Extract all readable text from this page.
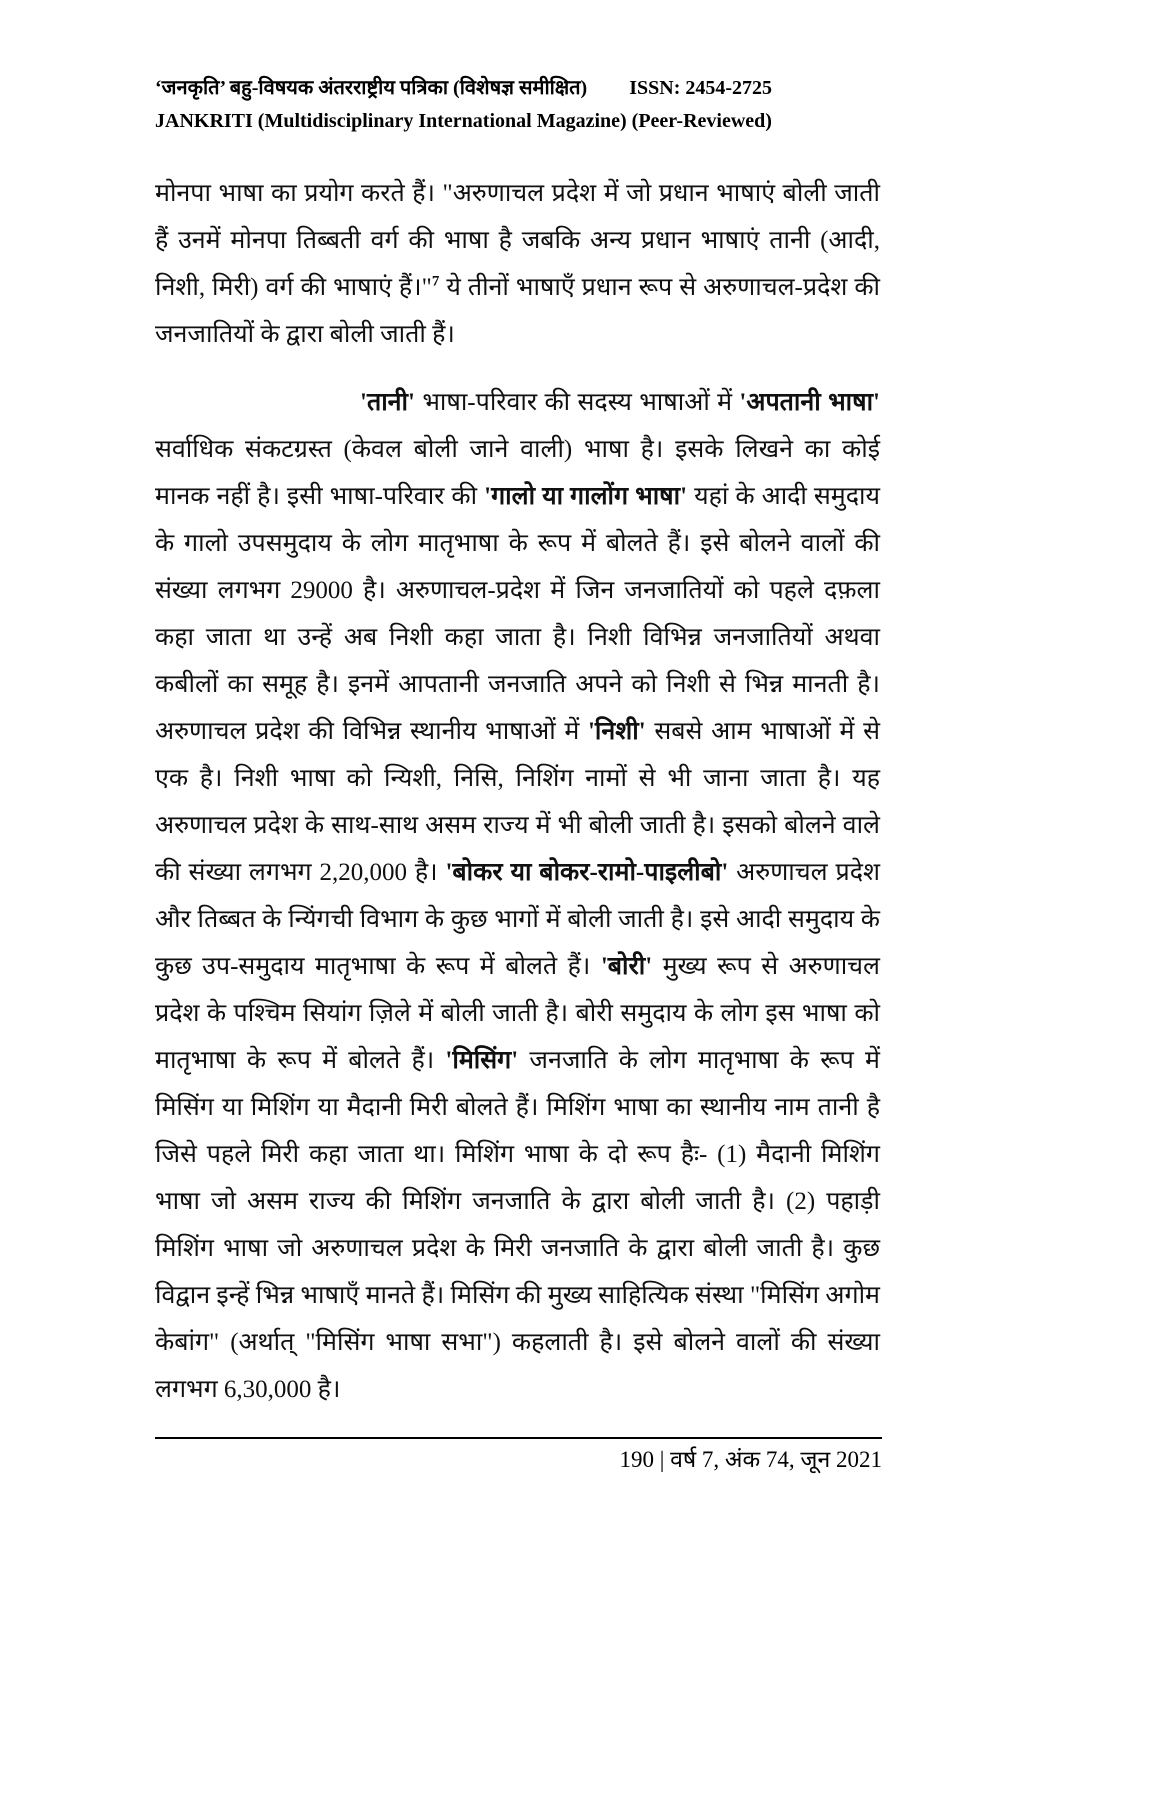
‘जनकृति’ बहु-विषयक अंतरराष्ट्रीय पत्रिका (विशेषज्ञ समीक्षित) ISSN: 2454-2725
JANKRITI (Multidisciplinary International Magazine) (Peer-Reviewed)

मोनपा भाषा का प्रयोग करते हैं। "अरुणाचल प्रदेश में जो प्रधान भाषाएं बोली जाती हैं उनमें मोनपा तिब्बती वर्ग की भाषा है जबकि अन्य प्रधान भाषाएं तानी (आदी, निशी, मिरी) वर्ग की भाषाएं हैं।"$^7$ ये तीनों भाषाएँ प्रधान रूप से अरुणाचल-प्रदेश की जनजातियों के द्वारा बोली जाती हैं।

'तानी' भाषा-परिवार की सदस्य भाषाओं में 'अपतानी भाषा' सर्वाधिक संकटग्रस्त (केवल बोली जाने वाली) भाषा है। इसके लिखने का कोई मानक नहीं है। इसी भाषा-परिवार की 'गालो या गालोंग भाषा' यहां के आदी समुदाय के गालो उपसमुदाय के लोग मातृभाषा के रूप में बोलते हैं। इसे बोलने वालों की संख्या लगभग 29000 है। अरुणाचल-प्रदेश में जिन जनजातियों को पहले दफ़ला कहा जाता था उन्हें अब निशी कहा जाता है। निशी विभिन्न जनजातियों अथवा कबीलों का समूह है। इनमें आपतानी जनजाति अपने को निशी से भिन्न मानती है। अरुणाचल प्रदेश की विभिन्न स्थानीय भाषाओं में 'निशी' सबसे आम भाषाओं में से एक है। निशी भाषा को न्यिशी, निसि, निशिंग नामों से भी जाना जाता है। यह अरुणाचल प्रदेश के साथ-साथ असम राज्य में भी बोली जाती है। इसको बोलने वाले की संख्या लगभग 2,20,000 है। 'बोकर या बोकर-रामो-पाइलीबो' अरुणाचल प्रदेश और तिब्बत के न्यिंगची विभाग के कुछ भागों में बोली जाती है। इसे आदी समुदाय के कुछ उप-समुदाय मातृभाषा के रूप में बोलते हैं। 'बोरी' मुख्य रूप से अरुणाचल प्रदेश के पश्चिम सियांग ज़िले में बोली जाती है। बोरी समुदाय के लोग इस भाषा को मातृभाषा के रूप में बोलते हैं। 'मिसिंग' जनजाति के लोग मातृभाषा के रूप में मिसिंग या मिशिंग या मैदानी मिरी बोलते हैं। मिशिंग भाषा का स्थानीय नाम तानी है जिसे पहले मिरी कहा जाता था। मिशिंग भाषा के दो रूप हैः- (1) मैदानी मिशिंग भाषा जो असम राज्य की मिशिंग जनजाति के द्वारा बोली जाती है। (2) पहाड़ी मिशिंग भाषा जो अरुणाचल प्रदेश के मिरी जनजाति के द्वारा बोली जाती है। कुछ विद्वान इन्हें भिन्न भाषाएँ मानते हैं। मिसिंग की मुख्य साहित्यिक संस्था "मिसिंग अगोम केबांग" (अर्थात् "मिसिंग भाषा सभा") कहलाती है। इसे बोलने वालों की संख्या लगभग 6,30,000 है।

190 | वर्ष 7, अंक 74, जून 2021
